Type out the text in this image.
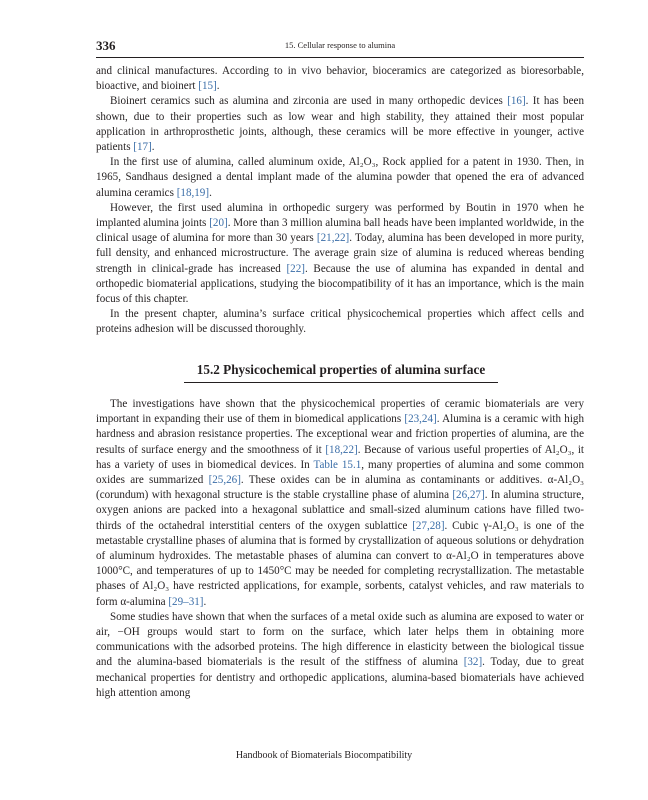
336	15. Cellular response to alumina

and clinical manufactures. According to in vivo behavior, bioceramics are categorized as bioresorbable, bioactive, and bioinert [15].

Bioinert ceramics such as alumina and zirconia are used in many orthopedic devices [16]. It has been shown, due to their properties such as low wear and high stability, they attained their most popular application in arthroprosthetic joints, although, these ceramics will be more effective in younger, active patients [17].

In the first use of alumina, called aluminum oxide, Al₂O₃, Rock applied for a patent in 1930. Then, in 1965, Sandhaus designed a dental implant made of the alumina powder that opened the era of advanced alumina ceramics [18,19].

However, the first used alumina in orthopedic surgery was performed by Boutin in 1970 when he implanted alumina joints [20]. More than 3 million alumina ball heads have been implanted worldwide, in the clinical usage of alumina for more than 30 years [21,22]. Today, alumina has been developed in more purity, full density, and enhanced microstructure. The average grain size of alumina is reduced whereas bending strength in clinical-grade has increased [22]. Because the use of alumina has expanded in dental and orthopedic biomaterial applications, studying the biocompatibility of it has an importance, which is the main focus of this chapter.

In the present chapter, alumina’s surface critical physicochemical properties which affect cells and proteins adhesion will be discussed thoroughly.

15.2 Physicochemical properties of alumina surface

The investigations have shown that the physicochemical properties of ceramic biomaterials are very important in expanding their use of them in biomedical applications [23,24]. Alumina is a ceramic with high hardness and abrasion resistance properties. The exceptional wear and friction properties of alumina, are the results of surface energy and the smoothness of it [18,22]. Because of various useful properties of Al₂O₃, it has a variety of uses in biomedical devices. In Table 15.1, many properties of alumina and some common oxides are summarized [25,26]. These oxides can be in alumina as contaminants or additives. α-Al₂O₃ (corundum) with hexagonal structure is the stable crystalline phase of alumina [26,27]. In alumina structure, oxygen anions are packed into a hexagonal sublattice and small-sized aluminum cations have filled two-thirds of the octahedral interstitial centers of the oxygen sublattice [27,28]. Cubic γ-Al₂O₃ is one of the metastable crystalline phases of alumina that is formed by crystallization of aqueous solutions or dehydration of aluminum hydroxides. The metastable phases of alumina can convert to α-Al₂O in temperatures above 1000°C, and temperatures of up to 1450°C may be needed for completing recrystallization. The metastable phases of Al₂O₃ have restricted applications, for example, sorbents, catalyst vehicles, and raw materials to form α-alumina [29–31].

Some studies have shown that when the surfaces of a metal oxide such as alumina are exposed to water or air, −OH groups would start to form on the surface, which later helps them in obtaining more communications with the adsorbed proteins. The high difference in elasticity between the biological tissue and the alumina-based biomaterials is the result of the stiffness of alumina [32]. Today, due to great mechanical properties for dentistry and orthopedic applications, alumina-based biomaterials have achieved high attention among

Handbook of Biomaterials Biocompatibility
